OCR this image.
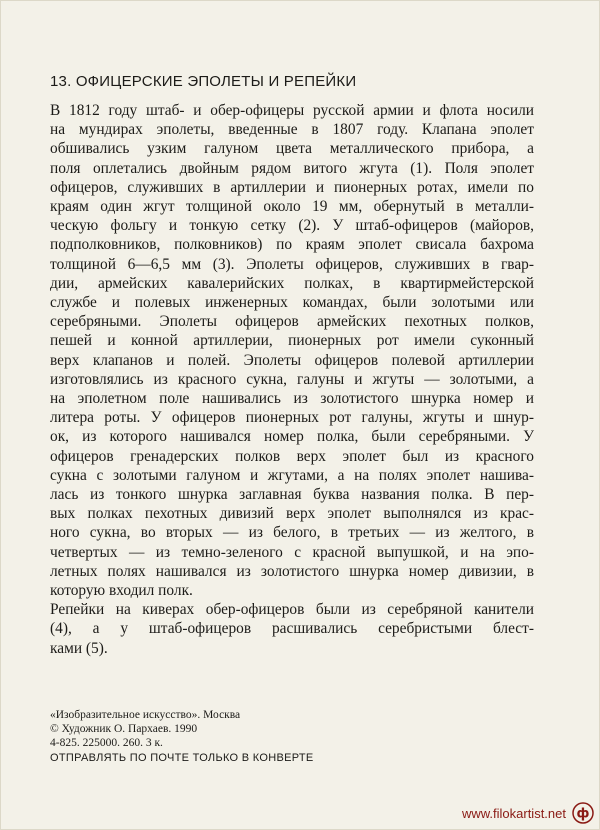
13. ОФИЦЕРСКИЕ ЭПОЛЕТЫ И РЕПЕЙКИ
В 1812 году штаб- и обер-офицеры русской армии и флота носили
на мундирах эполеты, введенные в 1807 году. Клапана эполет
обшивались узким галуном цвета металлического прибора, а
поля оплетались двойным рядом витого жгута (1). Поля эполет
офицеров, служивших в артиллерии и пионерных ротах, имели по
краям один жгут толщиной около 19 мм, обернутый в металли-
ческую фольгу и тонкую сетку (2). У штаб-офицеров (майоров,
подполковников, полковников) по краям эполет свисала бахрома
толщиной 6—6,5 мм (3). Эполеты офицеров, служивших в гвар-
дии, армейских кавалерийских полках, в квартирмейстерской
службе и полевых инженерных командах, были золотыми или
серебряными. Эполеты офицеров армейских пехотных полков,
пешей и конной артиллерии, пионерных рот имели суконный
верх клапанов и полей. Эполеты офицеров полевой артиллерии
изготовлялись из красного сукна, галуны и жгуты — золотыми, а
на эполетном поле нашивались из золотистого шнурка номер и
литера роты. У офицеров пионерных рот галуны, жгуты и шнур-
ок, из которого нашивался номер полка, были серебряными. У
офицеров гренадерских полков верх эполет был из красного
сукна с золотыми галуном и жгутами, а на полях эполет нашива-
лась из тонкого шнурка заглавная буква названия полка. В пер-
вых полках пехотных дивизий верх эполет выполнялся из крас-
ного сукна, во вторых — из белого, в третьих — из желтого, в
четвертых — из темно-зеленого с красной выпушкой, и на эпо-
летных полях нашивался из золотистого шнурка номер дивизии, в
которую входил полк.
Репейки на киверах обер-офицеров были из серебряной канители
(4), а у штаб-офицеров расшивались серебристыми блест-
ками (5).
«Изобразительное искусство». Москва
© Художник О. Пархаев. 1990
4-825. 225000. 260. 3 к.
ОТПРАВЛЯТЬ ПО ПОЧТЕ ТОЛЬКО В КОНВЕРТЕ
www.filokartist.net ф
